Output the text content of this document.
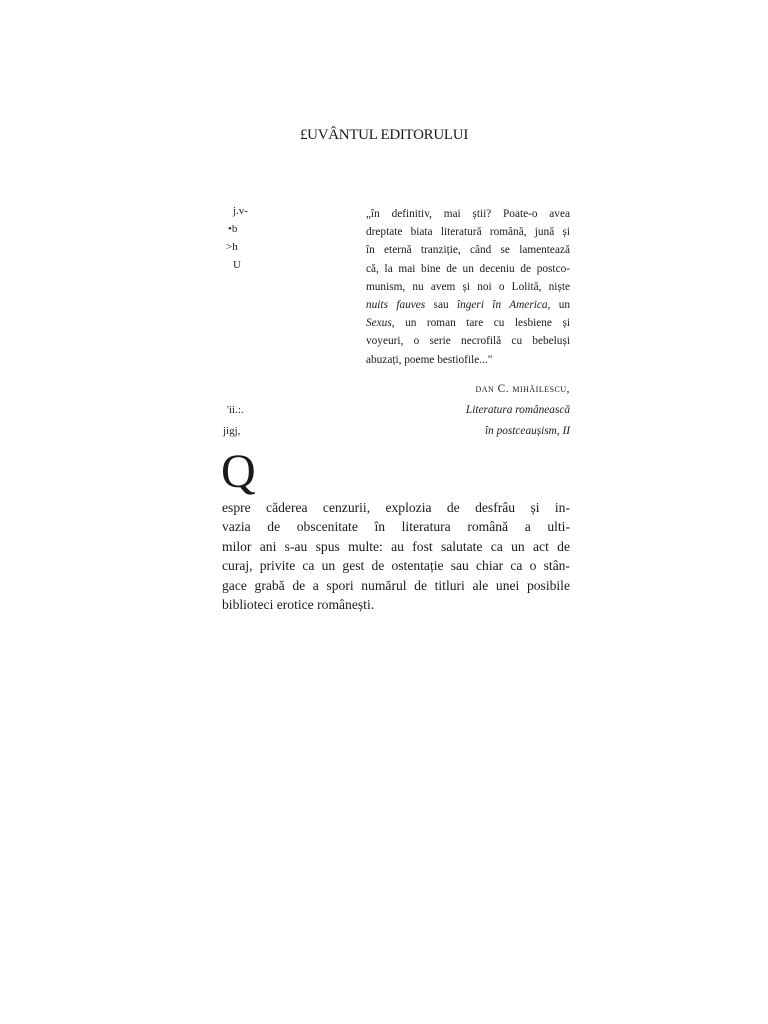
£UVÂNTUL EDITORULUI
j.v-
•b
>h
U
'ii.:.
jigj,
„în definitiv, mai știi? Poate-o avea
dreptate biata literatură română, jună și
în eternă tranziție, când se lamentează
că, la mai bine de un deceniu de postco-
munism, nu avem și noi o Lolită, niște
nuits fauves sau îngeri în America, un
Sexus, un roman tare cu lesbiene și
voyeuri, o serie necrofilă cu bebeluși
abuzați, poeme bestiofile..."
dan C. mihăilescu,
Literatura românească
în postceaușism, II
Q
espre căderea cenzurii, explozia de desfrâu și in-
vazia de obscenitate în literatura română a ulti-
milor ani s-au spus multe: au fost salutate ca un act de
curaj, privite ca un gest de ostentație sau chiar ca o stân-
gace grabă de a spori numărul de titluri ale unei posibile
biblioteci erotice românești.
